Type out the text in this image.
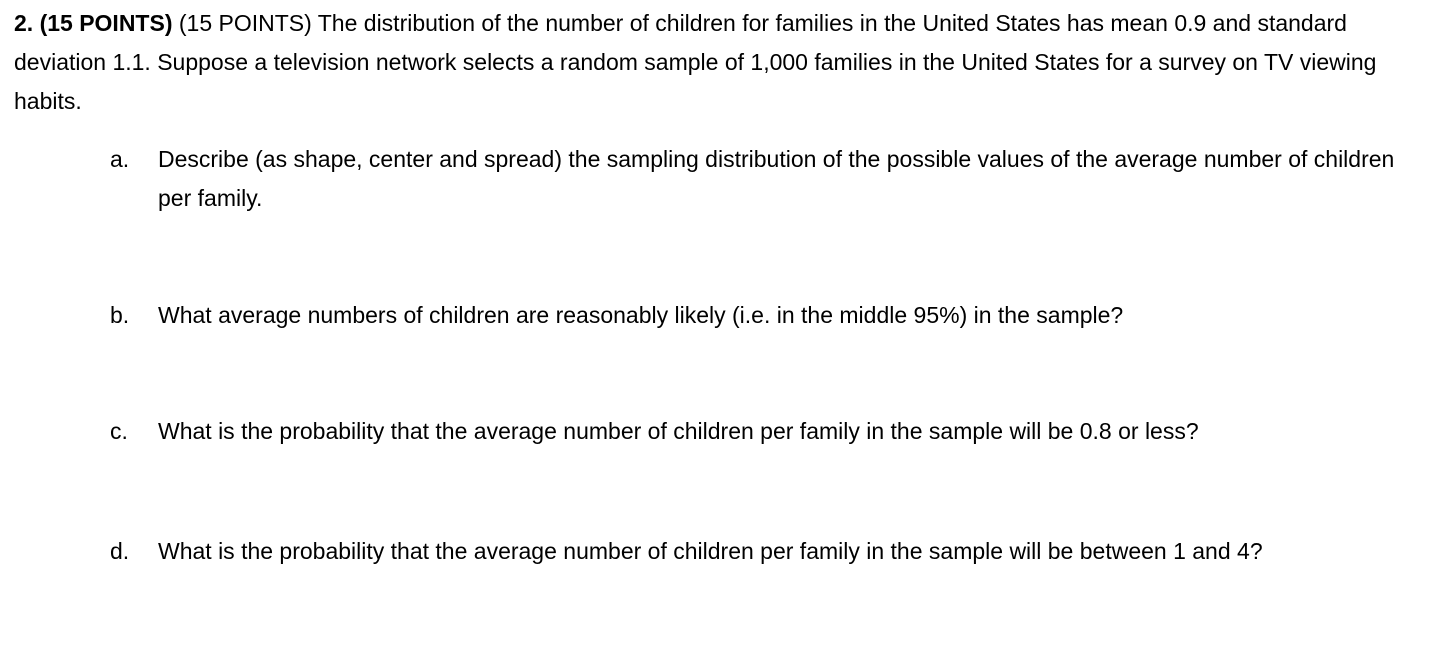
2. (15 POINTS) (15 POINTS) The distribution of the number of children for families in the United States has mean 0.9 and standard deviation 1.1. Suppose a television network selects a random sample of 1,000 families in the United States for a survey on TV viewing habits.

a.	Describe (as shape, center and spread) the sampling distribution of the possible values of the average number of children per family.
b.	What average numbers of children are reasonably likely (i.e. in the middle 95%) in the sample?
c.	What is the probability that the average number of children per family in the sample will be 0.8 or less?
d.	What is the probability that the average number of children per family in the sample will be between 1 and 4?
